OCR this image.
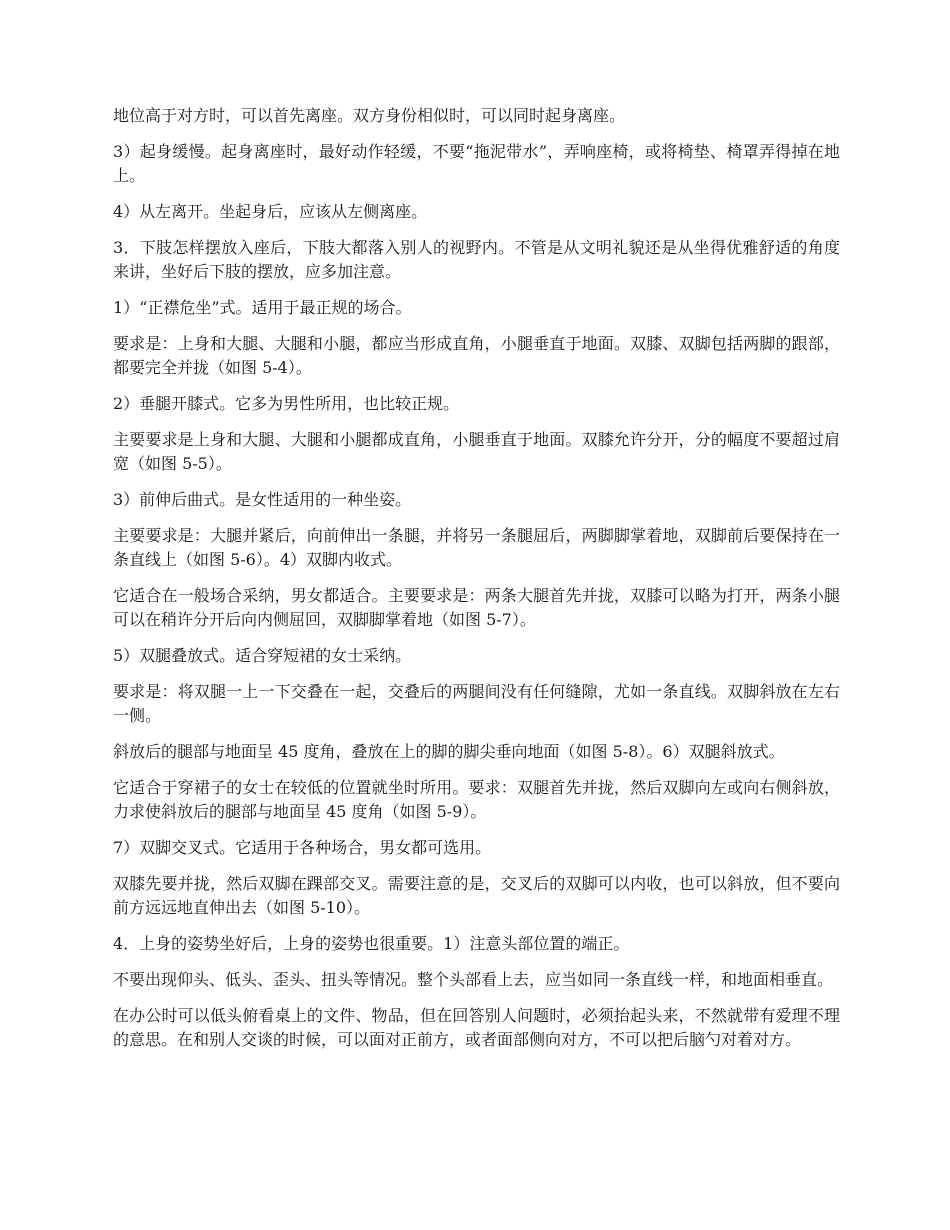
地位高于对方时，可以首先离座。双方身份相似时，可以同时起身离座。

3）起身缓慢。起身离座时，最好动作轻缓，不要“拖泥带水”，弄响座椅，或将椅垫、椅罩弄得掉在地上。

4）从左离开。坐起身后，应该从左侧离座。

3．下肢怎样摆放入座后，下肢大都落入别人的视野内。不管是从文明礼貌还是从坐得优雅舒适的角度来讲，坐好后下肢的摆放，应多加注意。

1）“正襟危坐”式。适用于最正规的场合。

要求是：上身和大腿、大腿和小腿，都应当形成直角，小腿垂直于地面。双膝、双脚包括两脚的跟部，都要完全并拢（如图 5-4）。

2）垂腿开膝式。它多为男性所用，也比较正规。

主要要求是上身和大腿、大腿和小腿都成直角，小腿垂直于地面。双膝允许分开，分的幅度不要超过肩宽（如图 5-5）。

3）前伸后曲式。是女性适用的一种坐姿。

主要要求是：大腿并紧后，向前伸出一条腿，并将另一条腿屈后，两脚脚掌着地，双脚前后要保持在一条直线上（如图 5-6）。4）双脚内收式。

它适合在一般场合采纳，男女都适合。主要要求是：两条大腿首先并拢，双膝可以略为打开，两条小腿可以在稍许分开后向内侧屈回，双脚脚掌着地（如图 5-7）。

5）双腿叠放式。适合穿短裙的女士采纳。

要求是：将双腿一上一下交叠在一起，交叠后的两腿间没有任何缝隙，尤如一条直线。双脚斜放在左右一侧。

斜放后的腿部与地面呈 45 度角，叠放在上的脚的脚尖垂向地面（如图 5-8）。6）双腿斜放式。

它适合于穿裙子的女士在较低的位置就坐时所用。要求：双腿首先并拢，然后双脚向左或向右侧斜放，力求使斜放后的腿部与地面呈 45 度角（如图 5-9）。

7）双脚交叉式。它适用于各种场合，男女都可选用。

双膝先要并拢，然后双脚在踝部交叉。需要注意的是，交叉后的双脚可以内收，也可以斜放，但不要向前方远远地直伸出去（如图 5-10）。

4．上身的姿势坐好后，上身的姿势也很重要。1）注意头部位置的端正。

不要出现仰头、低头、歪头、扭头等情况。整个头部看上去，应当如同一条直线一样，和地面相垂直。

在办公时可以低头俯看桌上的文件、物品，但在回答别人问题时，必须抬起头来，不然就带有爱理不理的意思。在和别人交谈的时候，可以面对正前方，或者面部侧向对方，不可以把后脑勺对着对方。
